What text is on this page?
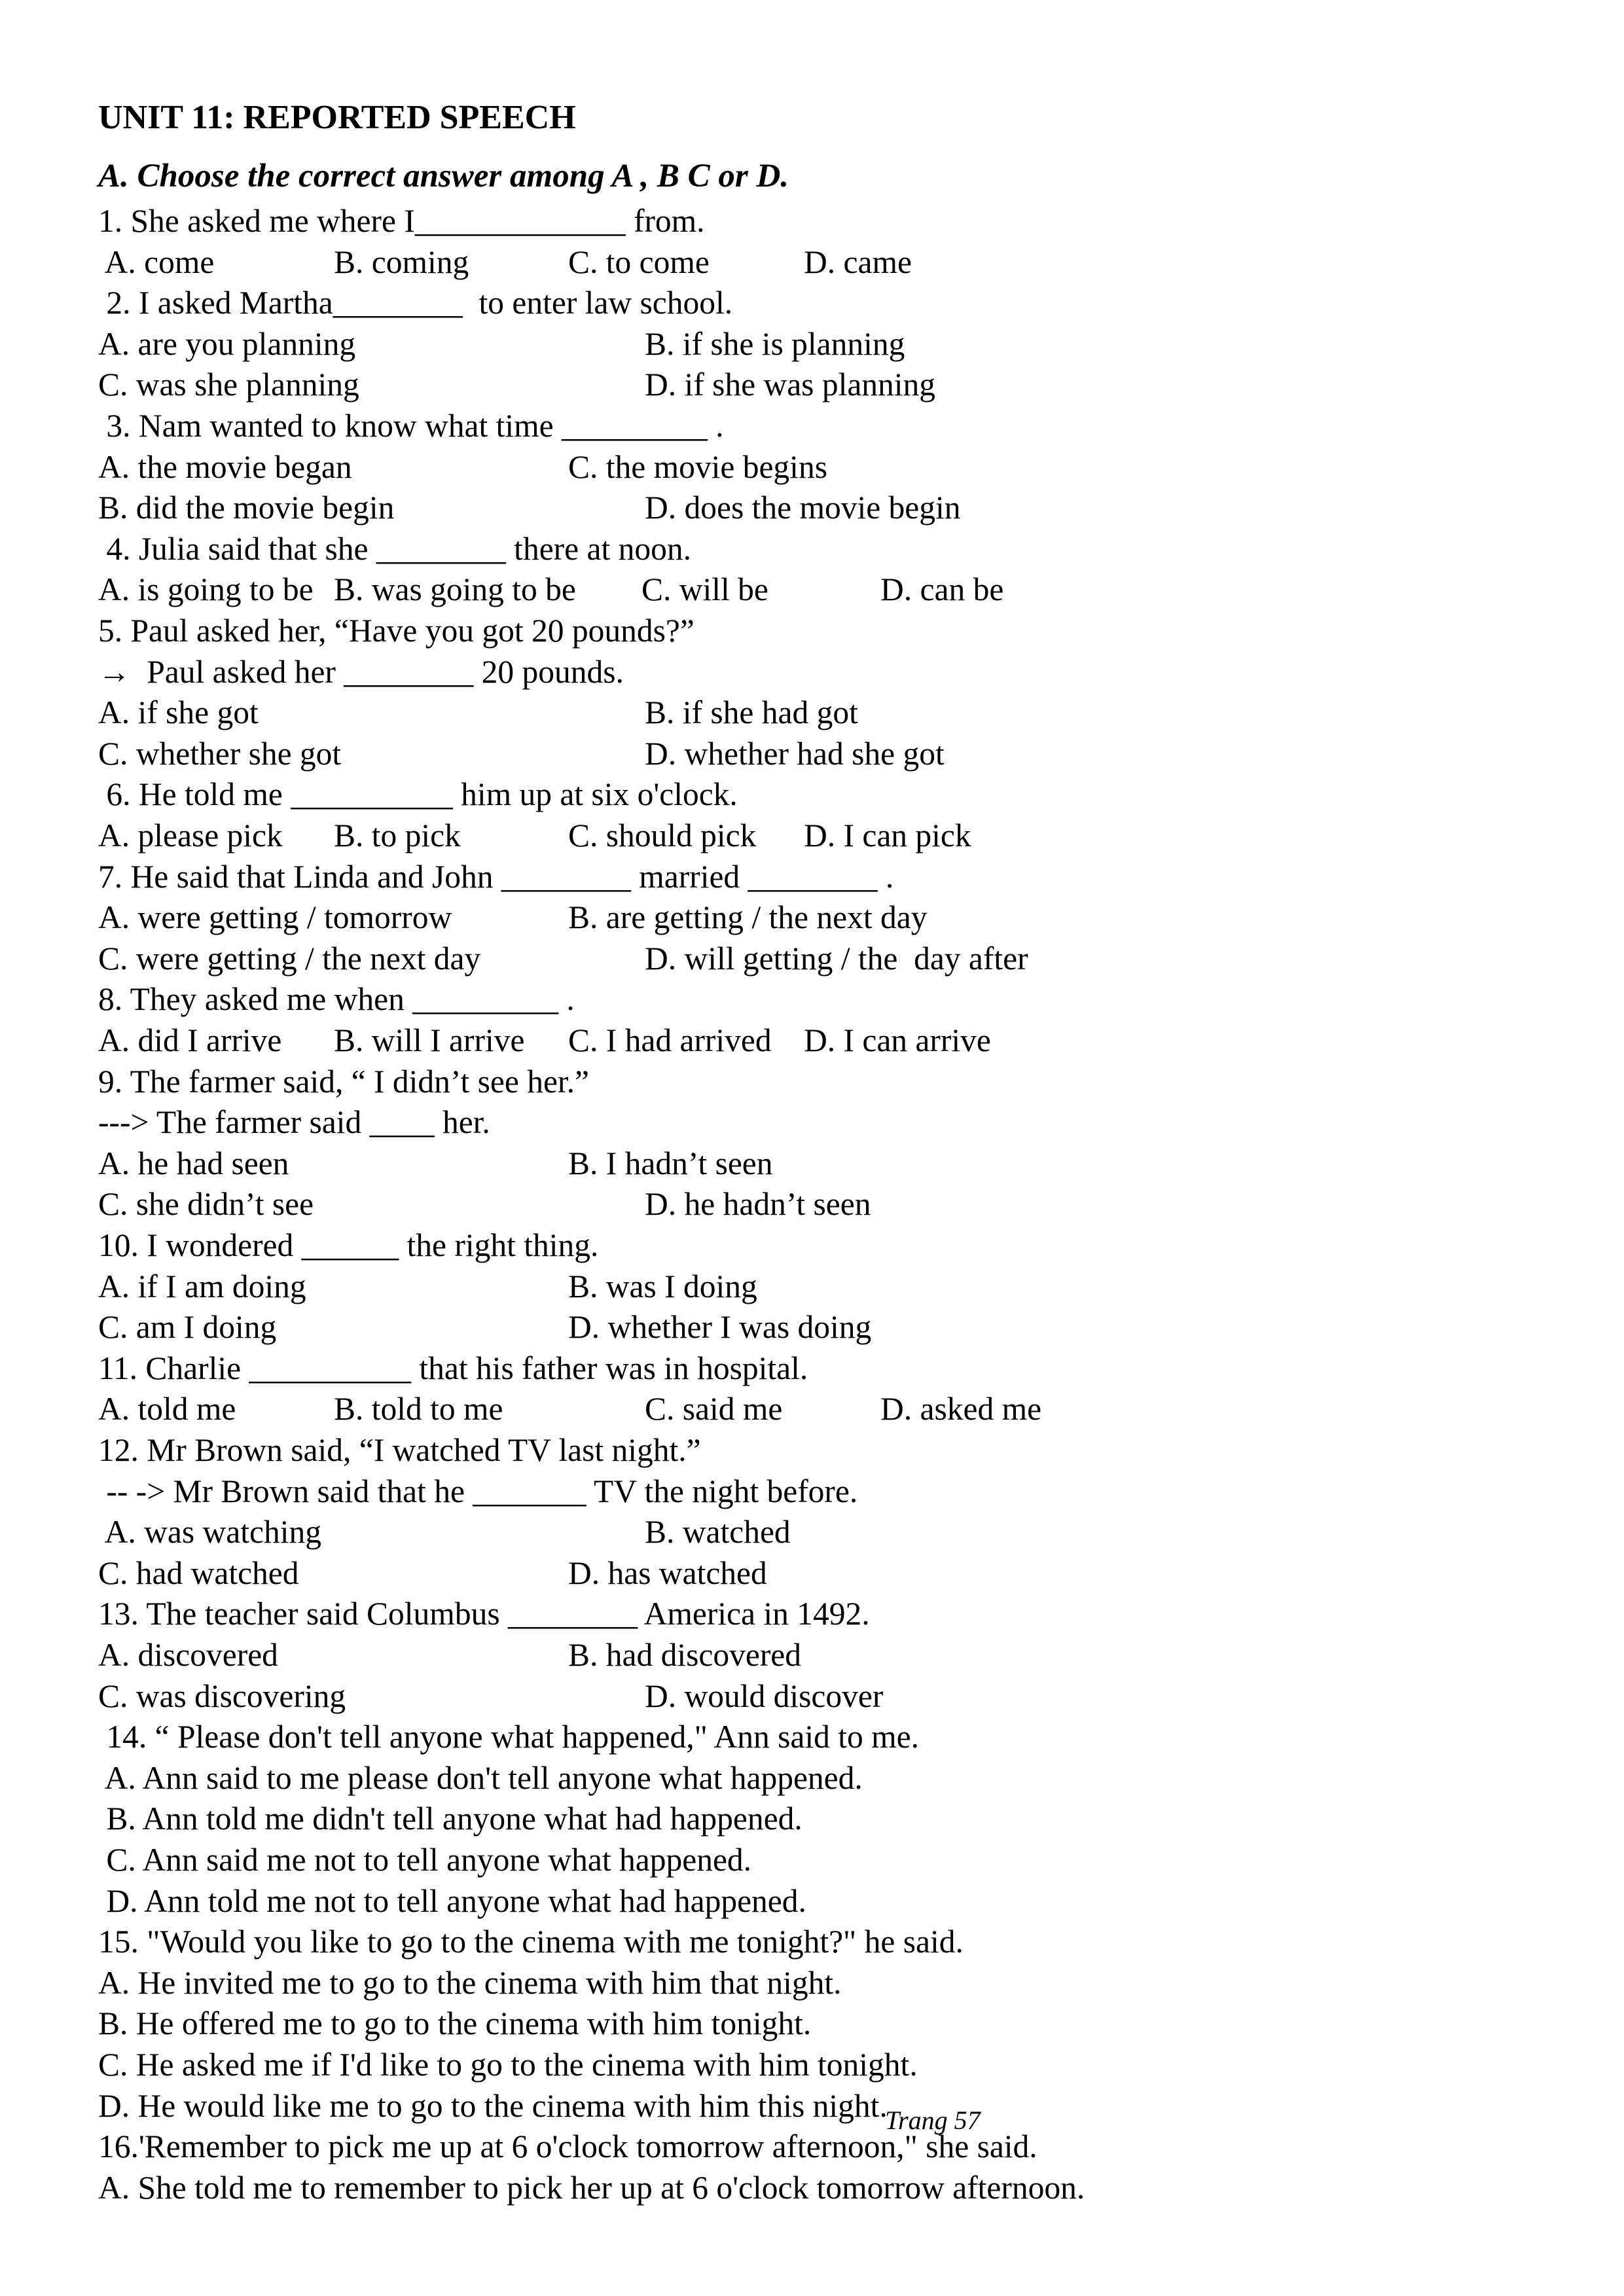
UNIT 11: REPORTED SPEECH
A. Choose the correct answer among A , B C or D.
1. She asked me where I_____________ from.
A. come	B. coming	C. to come	D. came
2. I asked Martha________  to enter law school.
A. are you planning	B. if she is planning
C. was she planning	D. if she was planning
3. Nam wanted to know what time _________ .
A. the movie began	C. the movie begins
B. did the movie begin	D. does the movie begin
4. Julia said that she ________ there at noon.
A. is going to be B. was going to be C. will be	D. can be
5. Paul asked her, “Have you got 20 pounds?”
→  Paul asked her ________ 20 pounds.
A. if she got	B. if she had got
C. whether she got	D. whether had she got
6. He told me __________ him up at six o'clock.
A. please pick B. to pick	C. should pick D. I can pick
7. He said that Linda and John ________ married ________ .
A. were getting / tomorrow	B. are getting / the next day
C. were getting / the next day	D. will getting / the  day after
8. They asked me when _________ .
A. did I arrive B. will I arrive C. I had arrived D. I can arrive
9. The farmer said, “ I didn’t see her.”
---> The farmer said ____ her.
A. he had seen	B. I hadn’t seen
C. she didn’t see	D. he hadn’t seen
10. I wondered ______ the right thing.
A. if I am doing	B. was I doing
C. am I doing	D. whether I was doing
11. Charlie __________ that his father was in hospital.
A. told me	B. told to me	C. said me	D. asked me
12. Mr Brown said, “I watched TV last night.”
-- -> Mr Brown said that he _______ TV the night before.
A. was watching	B. watched
C. had watched	D. has watched
13. The teacher said Columbus ________ America in 1492.
A. discovered	B. had discovered
C. was discovering	D. would discover
14. “ Please don't tell anyone what happened," Ann said to me.
A. Ann said to me please don't tell anyone what happened.
B. Ann told me didn't tell anyone what had happened.
C. Ann said me not to tell anyone what happened.
D. Ann told me not to tell anyone what had happened.
15. "Would you like to go to the cinema with me tonight?" he said.
A. He invited me to go to the cinema with him that night.
B. He offered me to go to the cinema with him tonight.
C. He asked me if I'd like to go to the cinema with him tonight.
D. He would like me to go to the cinema with him this night.
16.'Remember to pick me up at 6 o'clock tomorrow afternoon," she said.
A. She told me to remember to pick her up at 6 o'clock tomorrow afternoon.
Trang 57
